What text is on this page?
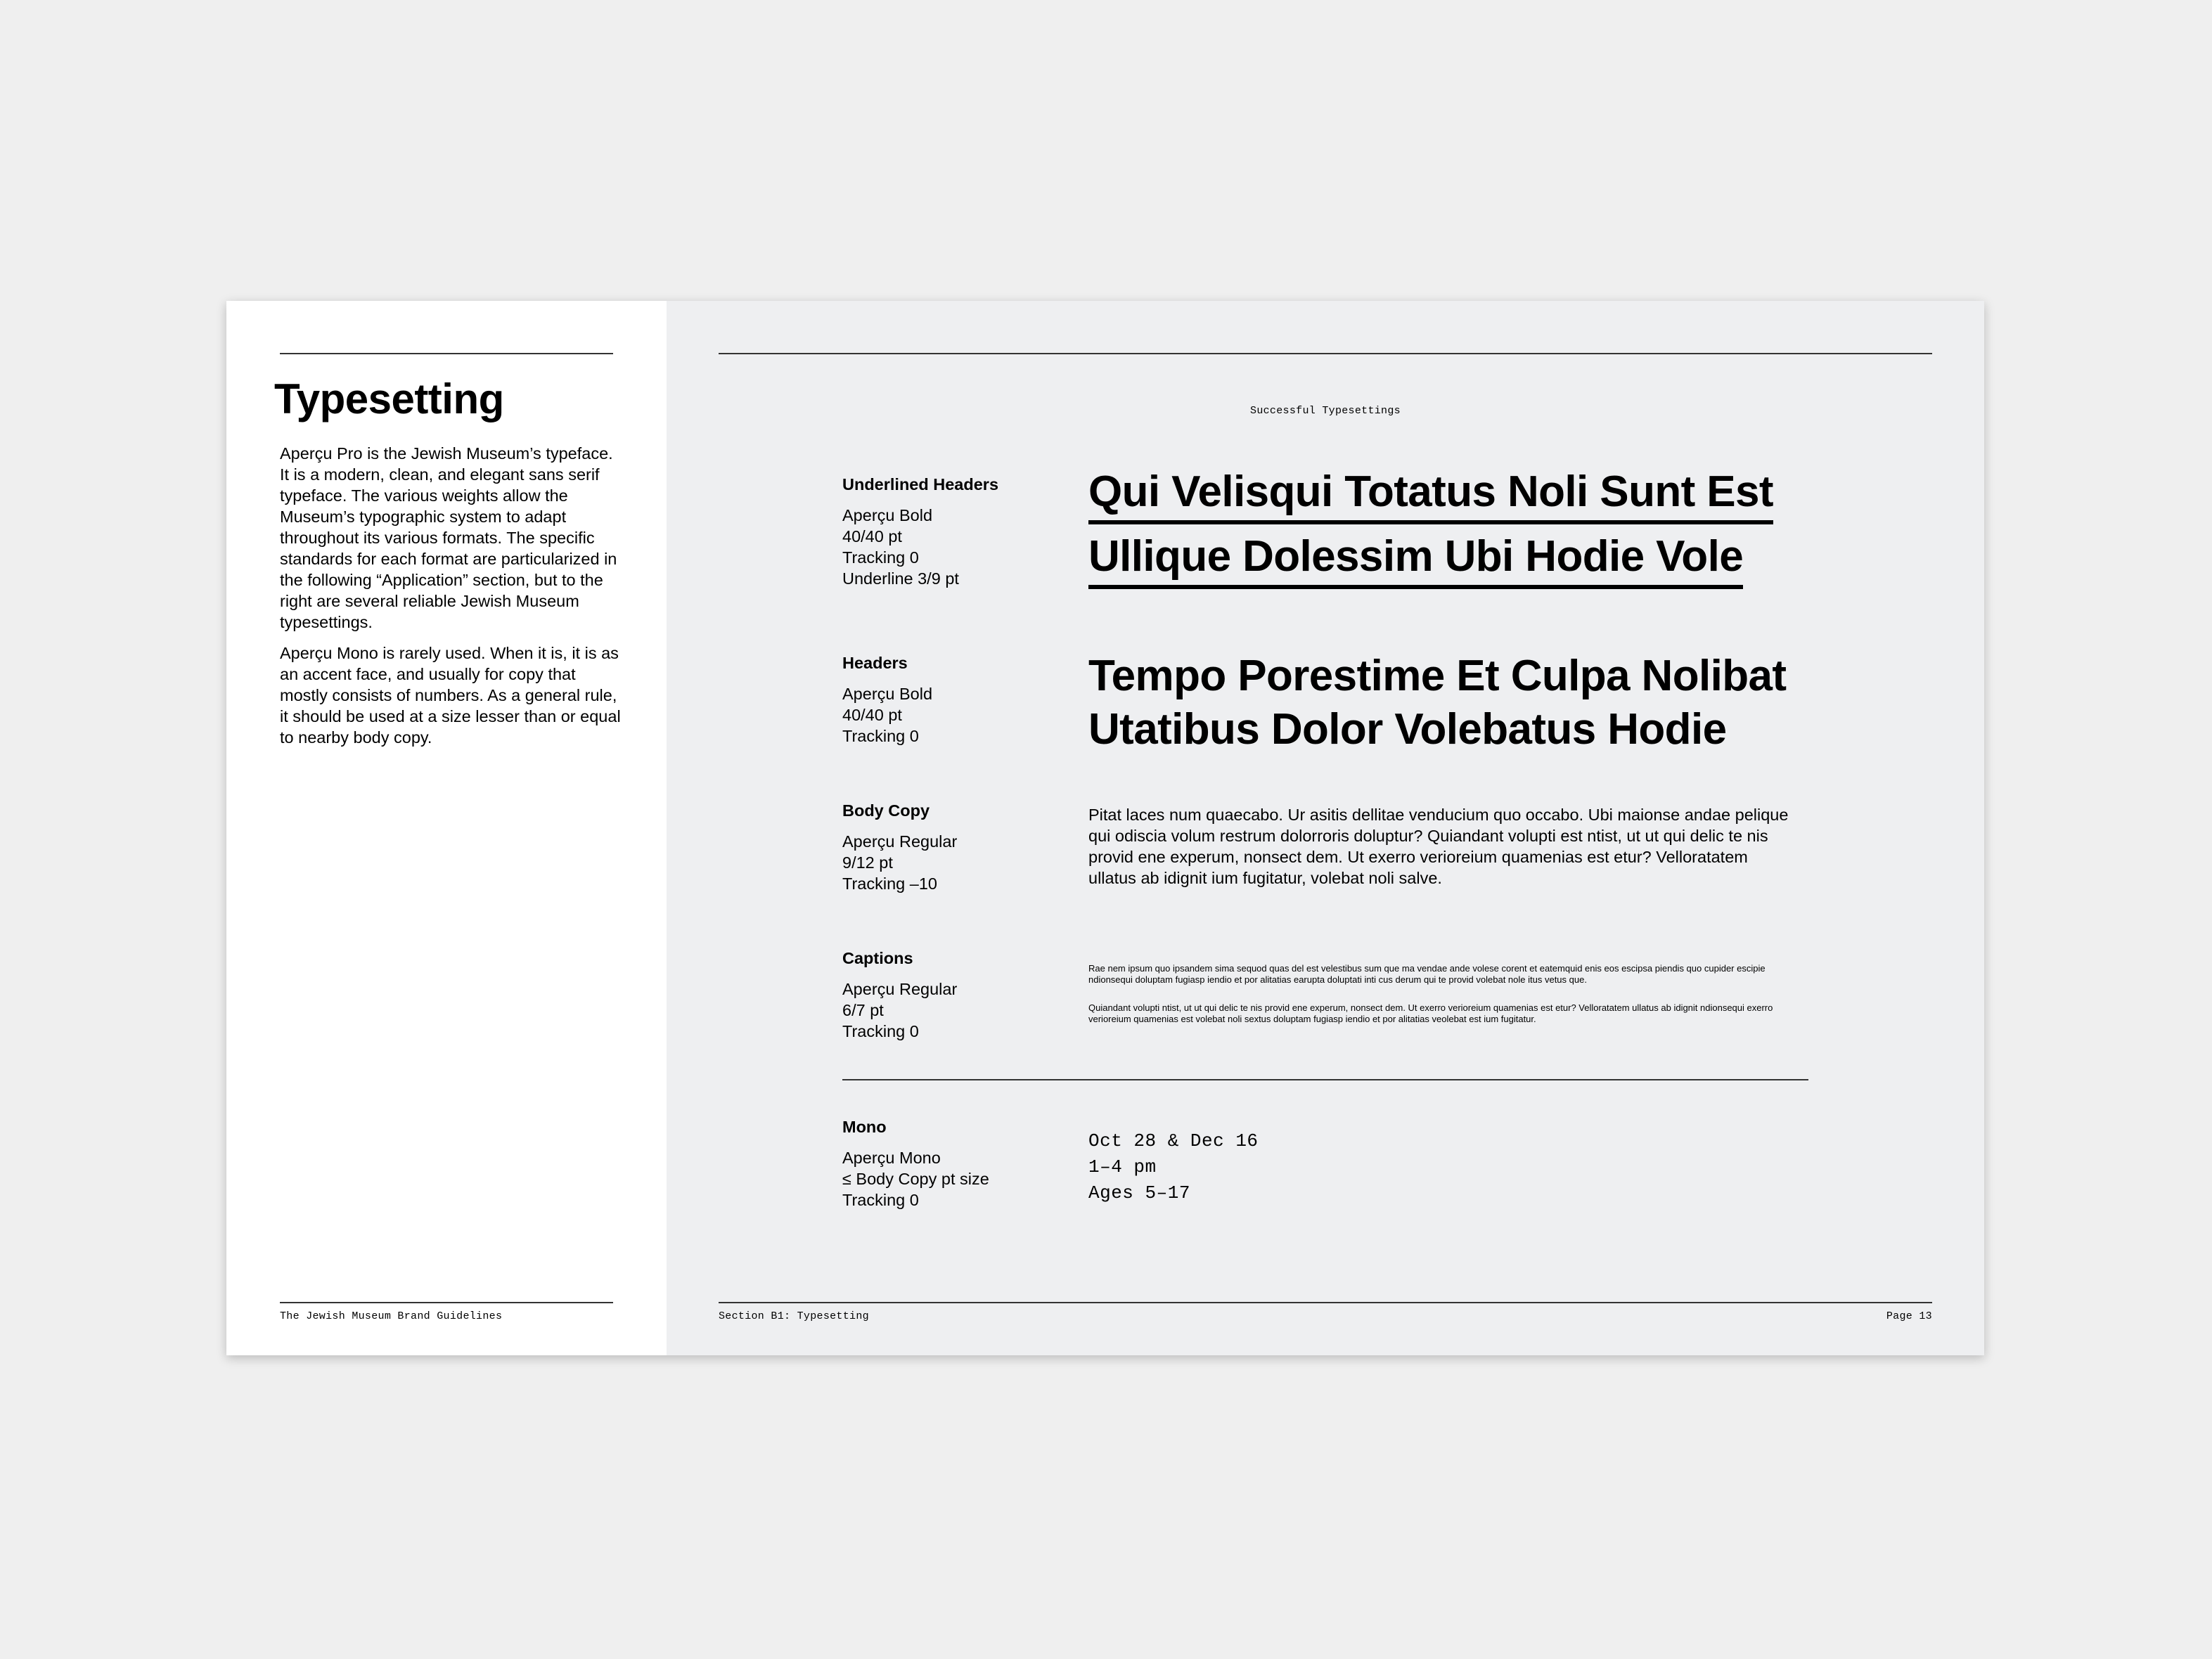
Typesetting

Aperçu Pro is the Jewish Museum’s typeface. It is a modern, clean, and elegant sans serif typeface. The various weights allow the Museum’s typographic system to adapt throughout its various formats. The specific standards for each format are particularized in the following “Application” section, but to the right are several reliable Jewish Museum typesettings.

Aperçu Mono is rarely used. When it is, it is as an accent face, and usually for copy that mostly consists of numbers. As a general rule, it should be used at a size lesser than or equal to nearby body copy.

The Jewish Museum Brand Guidelines
Successful Typesettings
Underlined Headers
Aperçu Bold
40/40 pt
Tracking 0
Underline 3/9 pt
Qui Velisqui Totatus Noli Sunt Est
Ullique Dolessim Ubi Hodie Vole
Headers
Aperçu Bold
40/40 pt
Tracking 0
Tempo Porestime Et Culpa Nolibat
Utatibus Dolor Volebatus Hodie
Body Copy
Aperçu Regular
9/12 pt
Tracking –10
Pitat laces num quaecabo. Ur asitis dellitae venducium quo occabo. Ubi maionse andae pelique qui odiscia volum restrum dolorroris doluptur? Quiandant volupti est ntist, ut ut qui delic te nis provid ene experum, nonsect dem. Ut exerro verioreium quamenias est etur? Velloratatem ullatus ab idignit ium fugitatur, volebat noli salve.
Captions
Aperçu Regular
6/7 pt
Tracking 0

Rae nem ipsum quo ipsandem sima sequod quas del est velestibus sum que ma vendae ande volese corent et eatemquid enis eos escipsa piendis quo cupider escipie ndionsequi doluptam fugiasp iendio et por alitatias earupta doluptati inti cus derum qui te provid volebat nole itus vetus que.

Quiandant volupti ntist, ut ut qui delic te nis provid ene experum, nonsect dem. Ut exerro verioreium quamenias est etur? Velloratatem ullatus ab idignit ndionsequi exerro verioreium quamenias est volebat noli sextus doluptam fugiasp iendio et por alitatias veolebat est ium fugitatur.

Mono
Aperçu Mono
≤ Body Copy pt size
Tracking 0
Oct 28 & Dec 16
1–4 pm
Ages 5–17
Section B1: Typesetting	Page 13
